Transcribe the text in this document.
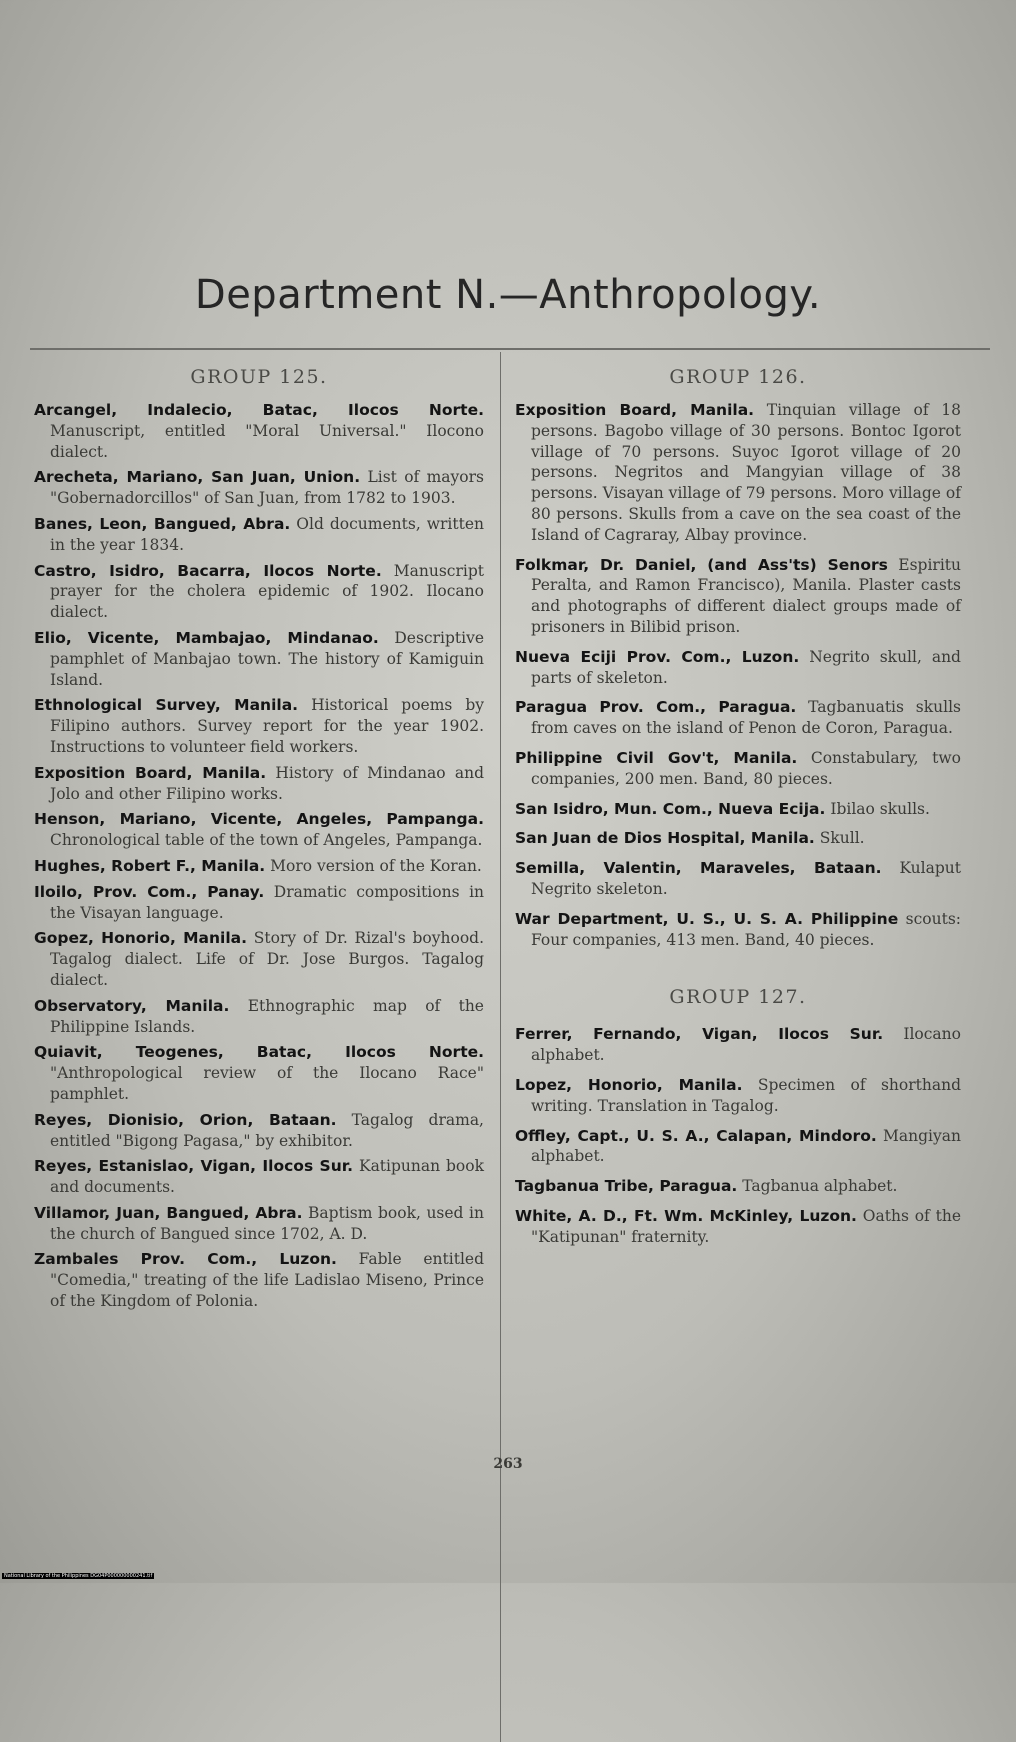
Department N.—Anthropology.
GROUP 125.

Arcangel, Indalecio, Batac, Ilocos Norte. Manuscript, entitled "Moral Universal." Ilocono dialect.

Arecheta, Mariano, San Juan, Union. List of mayors "Gobernadorcillos" of San Juan, from 1782 to 1903.

Banes, Leon, Bangued, Abra. Old documents, written in the year 1834.

Castro, Isidro, Bacarra, Ilocos Norte. Manuscript prayer for the cholera epidemic of 1902. Ilocano dialect.

Elio, Vicente, Mambajao, Mindanao. Descriptive pamphlet of Manbajao town. The history of Kamiguin Island.

Ethnological Survey, Manila. Historical poems by Filipino authors. Survey report for the year 1902. Instructions to volunteer field workers.

Exposition Board, Manila. History of Mindanao and Jolo and other Filipino works.

Henson, Mariano, Vicente, Angeles, Pampanga. Chronological table of the town of Angeles, Pampanga.

Hughes, Robert F., Manila. Moro version of the Koran.

Iloilo, Prov. Com., Panay. Dramatic compositions in the Visayan language.

Gopez, Honorio, Manila. Story of Dr. Rizal's boyhood. Tagalog dialect. Life of Dr. Jose Burgos. Tagalog dialect.

Observatory, Manila. Ethnographic map of the Philippine Islands.

Quiavit, Teogenes, Batac, Ilocos Norte. "Anthropological review of the Ilocano Race" pamphlet.

Reyes, Dionisio, Orion, Bataan. Tagalog drama, entitled "Bigong Pagasa," by exhibitor.

Reyes, Estanislao, Vigan, Ilocos Sur. Katipunan book and documents.

Villamor, Juan, Bangued, Abra. Baptism book, used in the church of Bangued since 1702, A. D.

Zambales Prov. Com., Luzon. Fable entitled "Comedia," treating of the life Ladislao Miseno, Prince of the Kingdom of Polonia.

GROUP 126.

Exposition Board, Manila. Tinquian village of 18 persons. Bagobo village of 30 persons. Bontoc Igorot village of 70 persons. Suyoc Igorot village of 20 persons. Negritos and Mangyian village of 38 persons. Visayan village of 79 persons. Moro village of 80 persons. Skulls from a cave on the sea coast of the Island of Cagraray, Albay province.

Folkmar, Dr. Daniel, (and Ass'ts) Senors Espiritu Peralta, and Ramon Francisco), Manila. Plaster casts and photographs of different dialect groups made of prisoners in Bilibid prison.

Nueva Eciji Prov. Com., Luzon. Negrito skull, and parts of skeleton.

Paragua Prov. Com., Paragua. Tagbanuatis skulls from caves on the island of Penon de Coron, Paragua.

Philippine Civil Gov't, Manila. Constabulary, two companies, 200 men. Band, 80 pieces.

San Isidro, Mun. Com., Nueva Ecija. Ibilao skulls.

San Juan de Dios Hospital, Manila. Skull.

Semilla, Valentin, Maraveles, Bataan. Kulaput Negrito skeleton.

War Department, U. S., U. S. A. Philippine scouts: Four companies, 413 men. Band, 40 pieces.

GROUP 127.

Ferrer, Fernando, Vigan, Ilocos Sur. Ilocano alphabet.

Lopez, Honorio, Manila. Specimen of shorthand writing. Translation in Tagalog.

Offley, Capt., U. S. A., Calapan, Mindoro. Mangiyan alphabet.

Tagbanua Tribe, Paragua. Tagbanua alphabet.

White, A. D., Ft. Wm. McKinley, Luzon. Oaths of the "Katipunan" fraternity.

263
National Library of the Philippines DG04P000000000241.tif
